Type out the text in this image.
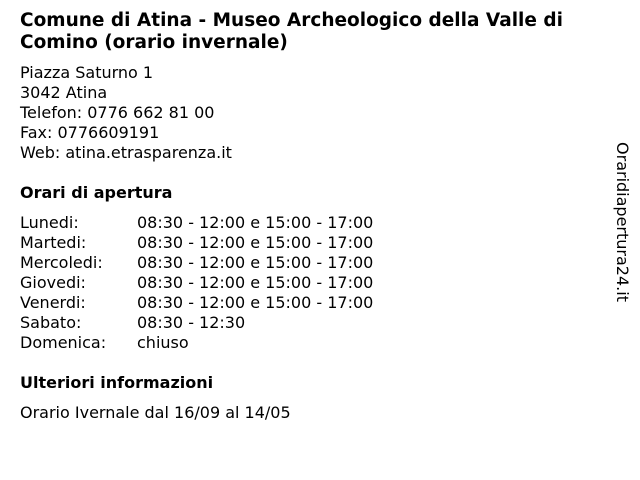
Comune di Atina - Museo Archeologico della Valle di Comino (orario invernale)
Piazza Saturno 1
3042 Atina
Telefon: 0776 662 81 00
Fax: 0776609191
Web: atina.etrasparenza.it
Orari di apertura
Lunedi:	08:30 - 12:00 e 15:00 - 17:00
Martedi:	08:30 - 12:00 e 15:00 - 17:00
Mercoledi:	08:30 - 12:00 e 15:00 - 17:00
Giovedi:	08:30 - 12:00 e 15:00 - 17:00
Venerdi:	08:30 - 12:00 e 15:00 - 17:00
Sabato:	08:30 - 12:30
Domenica:	chiuso
Ulteriori informazioni
Orario Ivernale dal 16/09 al 14/05
Oraridiapertura24.it
